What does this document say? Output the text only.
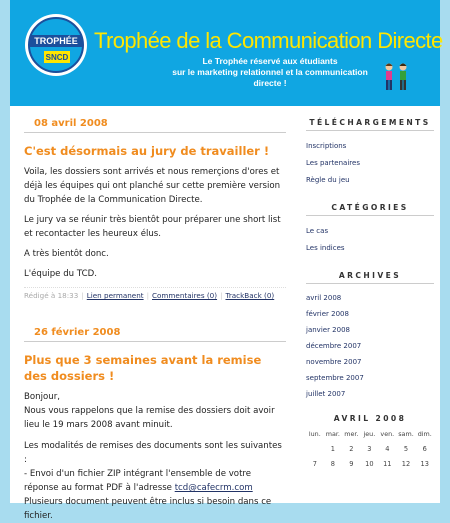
TROPHÉE
SNCD
Trophée de la Communication Directe
Le Trophée réservé aux étudiants
sur le marketing relationnel et la communication directe !
08 avril 2008
C'est désormais au jury de travailler !

Voila, les dossiers sont arrivés et nous remerçions d'ores et déjà les équipes qui ont planché sur cette première version du Trophée de la Communication Directe.

Le jury va se réunir très bientôt pour préparer une short list et recontacter les heureux élus.

A très bientôt donc.

L'équipe du TCD.

Rédigé à 18:33 | Lien permanent | Commentaires (0) | TrackBack (0)
26 février 2008
Plus que 3 semaines avant la remise des dossiers !
Bonjour,
Nous vous rappelons que la remise des dossiers doit avoir lieu le 19 mars 2008 avant minuit.
Les modalités de remises des documents sont les suivantes :
- Envoi d'un fichier ZIP intégrant l'ensemble de votre réponse au format PDF à l'adresse tcd@cafecrm.com
Plusieurs document peuvent être inclus si besoin dans ce fichier.
TÉLÉCHARGEMENTS
Inscriptions
Les partenaires
Règle du jeu
CATÉGORIES
Le cas
Les indices
ARCHIVES
avril 2008
février 2008
janvier 2008
décembre 2007
novembre 2007
septembre 2007
juillet 2007
AVRIL 2008
lun.	mar.	mer.	jeu.	ven.	sam.	dim.
	1	2	3	4	5	6
7	8	9	10	11	12	13
